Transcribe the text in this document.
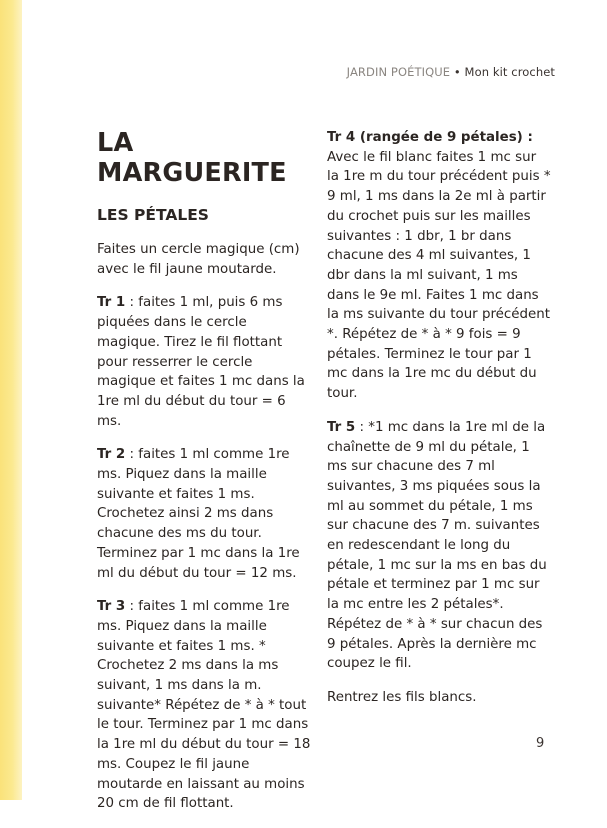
JARDIN POÉTIQUE • Mon kit crochet
LA MARGUERITE
LES PÉTALES

Faites un cercle magique (cm) avec le fil jaune moutarde.

Tr 1 : faites 1 ml, puis 6 ms piquées dans le cercle magique. Tirez le fil flottant pour resserrer le cercle magique et faites 1 mc dans la 1re ml du début du tour = 6 ms.

Tr 2 : faites 1 ml comme 1re ms. Piquez dans la maille suivante et faites 1 ms. Crochetez ainsi 2 ms dans chacune des ms du tour. Terminez par 1 mc dans la 1re ml du début du tour = 12 ms.

Tr 3 : faites 1 ml comme 1re ms. Piquez dans la maille suivante et faites 1 ms. * Crochetez 2 ms dans la ms suivant, 1 ms dans la m. suivante* Répétez de * à * tout le tour. Terminez par 1 mc dans la 1re ml du début du tour = 18 ms. Coupez le fil jaune moutarde en laissant au moins 20 cm de fil flottant.

Tr 4 (rangée de 9 pétales) : Avec le fil blanc faites 1 mc sur la 1re m du tour précédent puis * 9 ml, 1 ms dans la 2e ml à partir du crochet puis sur les mailles suivantes : 1 dbr, 1 br dans chacune des 4 ml suivantes, 1 dbr dans la ml suivant, 1 ms dans le 9e ml. Faites 1 mc dans la ms suivante du tour précédent *. Répétez de * à * 9 fois = 9 pétales. Terminez le tour par 1 mc dans la 1re mc du début du tour.

Tr 5 : *1 mc dans la 1re ml de la chaînette de 9 ml du pétale, 1 ms sur chacune des 7 ml suivantes, 3 ms piquées sous la ml au sommet du pétale, 1 ms sur chacune des 7 m. suivantes en redescendant le long du pétale, 1 mc sur la ms en bas du pétale et terminez par 1 mc sur la mc entre les 2 pétales*. Répétez de * à * sur chacun des 9 pétales. Après la dernière mc coupez le fil.

Rentrez les fils blancs.

9
